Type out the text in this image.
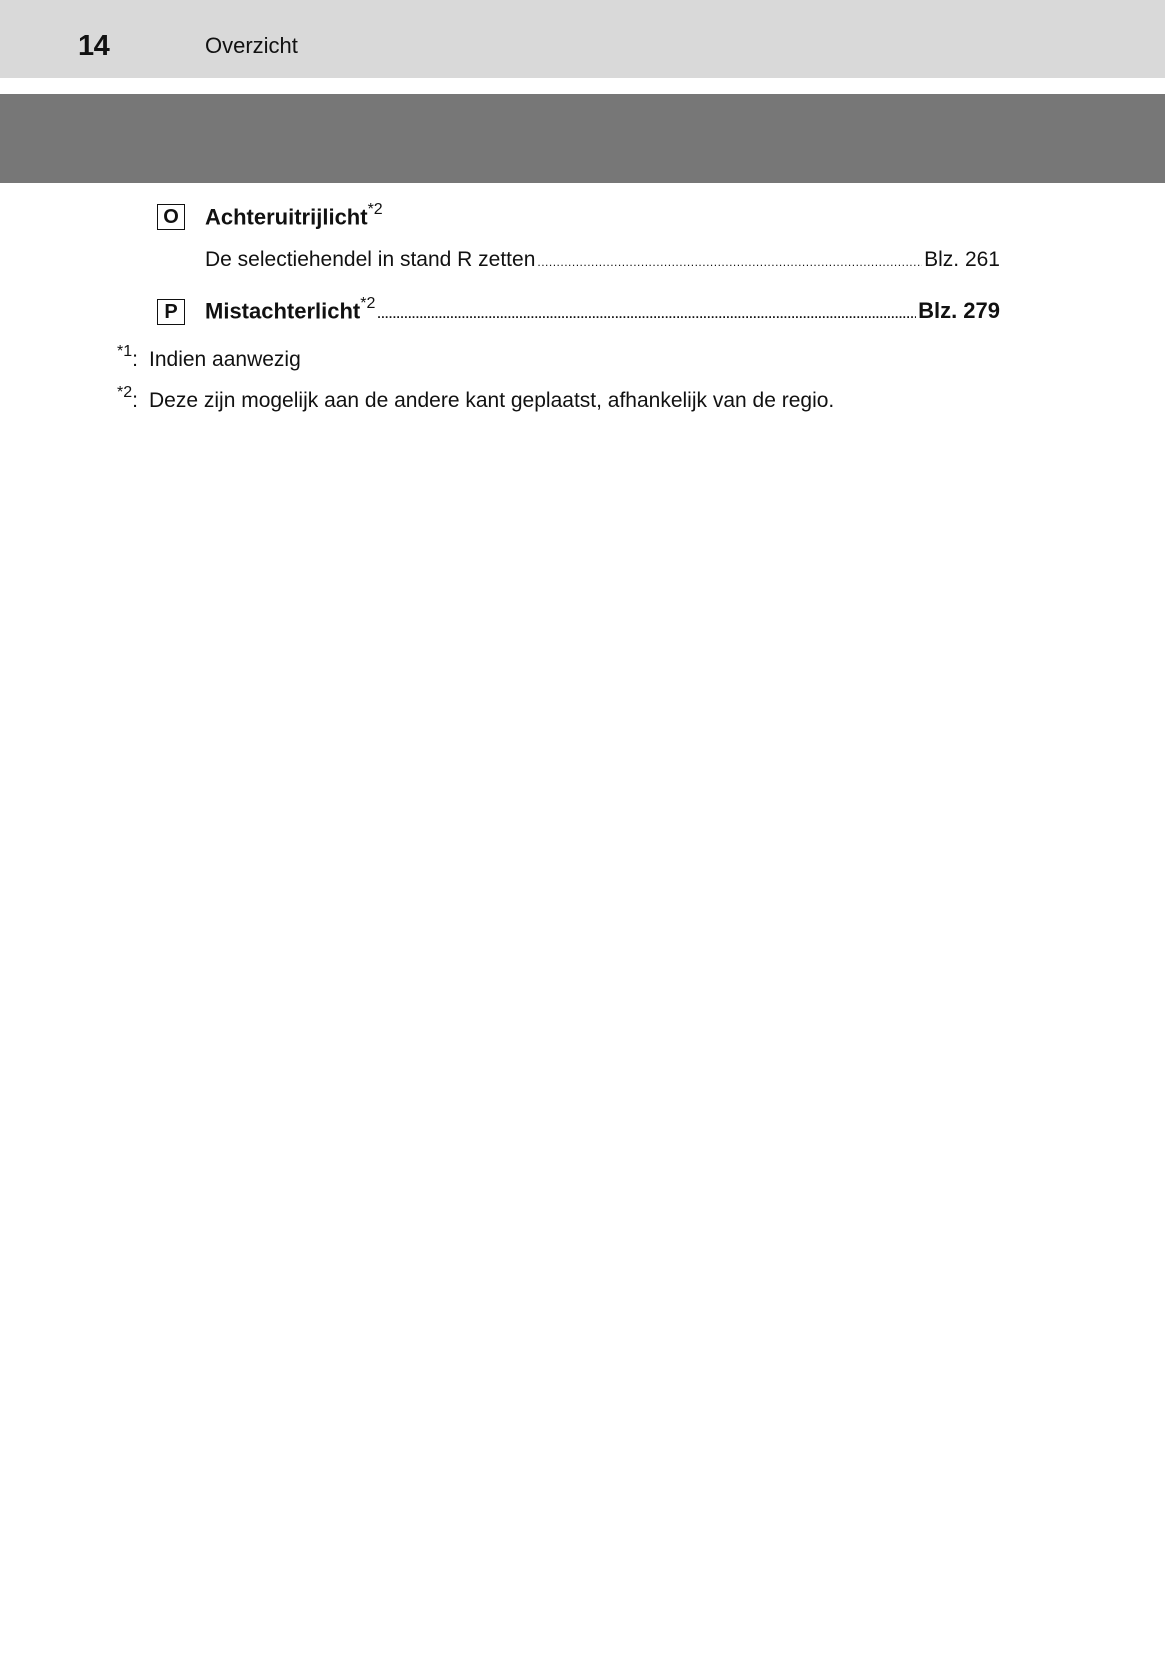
14	Overzicht
O Achteruitrijlicht$^{*2}$
De selectiehendel in stand R zetten .....	Blz. 261
P	Mistachterlicht$^{*2}$ .....	Blz. 279
$^{*1}$: Indien aanwezig
$^{*2}$: Deze zijn mogelijk aan de andere kant geplaatst, afhankelijk van de regio.
